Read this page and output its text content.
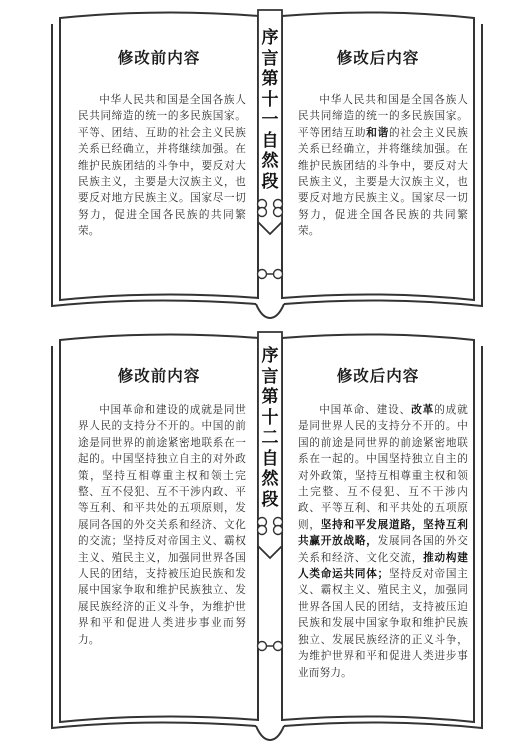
序
言
第
十
一
自
然
段
修改前内容

中华人民共和国是全国各族人民共同缔造的统一的多民族国家。平等、团结、互助的社会主义民族关系已经确立，并将继续加强。在维护民族团结的斗争中，要反对大民族主义，主要是大汉族主义，也要反对地方民族主义。国家尽一切努力，促进全国各民族的共同繁荣。

修改后内容

中华人民共和国是全国各族人民共同缔造的统一的多民族国家。平等团结互助和谐的社会主义民族关系已经确立，并将继续加强。在维护民族团结的斗争中，要反对大民族主义，主要是大汉族主义，也要反对地方民族主义。国家尽一切努力，促进全国各民族的共同繁荣。

序
言
第
十
二
自
然
段
修改前内容

中国革命和建设的成就是同世界人民的支持分不开的。中国的前途是同世界的前途紧密地联系在一起的。中国坚持独立自主的对外政策，坚持互相尊重主权和领土完整、互不侵犯、互不干涉内政、平等互利、和平共处的五项原则，发展同各国的外交关系和经济、文化的交流；坚持反对帝国主义、霸权主义、殖民主义，加强同世界各国人民的团结，支持被压迫民族和发展中国家争取和维护民族独立、发展民族经济的正义斗争，为维护世界和平和促进人类进步事业而努力。

修改后内容

中国革命、建设、改革的成就是同世界人民的支持分不开的。中国的前途是同世界的前途紧密地联系在一起的。中国坚持独立自主的对外政策，坚持互相尊重主权和领土完整、互不侵犯、互不干涉内政、平等互利、和平共处的五项原则，坚持和平发展道路，坚持互利共赢开放战略，发展同各国的外交关系和经济、文化交流，推动构建人类命运共同体；坚持反对帝国主义、霸权主义、殖民主义，加强同世界各国人民的团结，支持被压迫民族和发展中国家争取和维护民族独立、发展民族经济的正义斗争，为维护世界和平和促进人类进步事业而努力。
